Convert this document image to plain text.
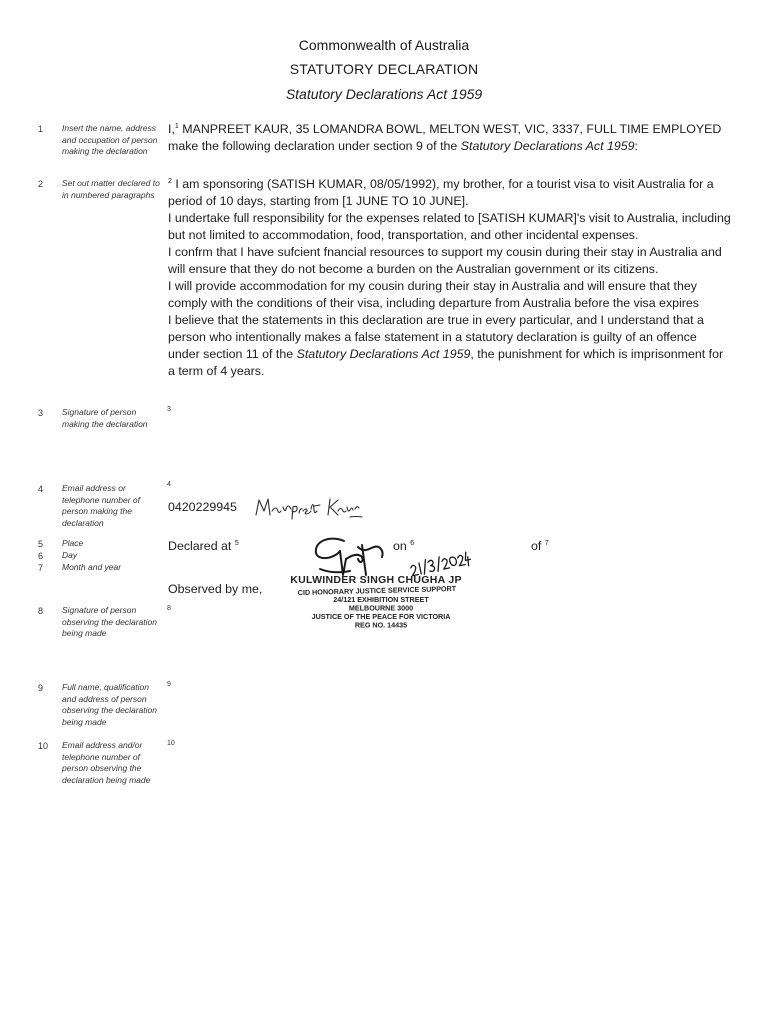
Commonwealth of Australia
STATUTORY DECLARATION
Statutory Declarations Act 1959
1 Insert the name, address and occupation of person making the declaration
2 Set out matter declared to in numbered paragraphs
3 Signature of person making the declaration
4 Email address or telephone number of person making the declaration
5 Place
6 Day
7 Month and year
8 Signature of person observing the declaration being made
9 Full name, qualification and address of person observing the declaration being made
10 Email address and/or telephone number of person observing the declaration being made

I,$^1$ MANPREET KAUR, 35 LOMANDRA BOWL, MELTON WEST, VIC, 3337, FULL TIME EMPLOYED

make the following declaration under section 9 of the Statutory Declarations Act 1959:

$^2$ I am sponsoring (SATISH KUMAR, 08/05/1992), my brother, for a tourist visa to visit Australia for a period of 10 days, starting from [1 JUNE TO 10 JUNE].

I undertake full responsibility for the expenses related to [SATISH KUMAR]'s visit to Australia, including but not limited to accommodation, food, transportation, and other incidental expenses.

I confrm that I have sufcient fnancial resources to support my cousin during their stay in Australia and will ensure that they do not become a burden on the Australian government or its citizens.

I will provide accommodation for my cousin during their stay in Australia and will ensure that they comply with the conditions of their visa, including departure from Australia before the visa expires

I believe that the statements in this declaration are true in every particular, and I understand that a person who intentionally makes a false statement in a statutory declaration is guilty of an offence under section 11 of the Statutory Declarations Act 1959, the punishment for which is imprisonment for a term of 4 years.

3
4
8
9
10
0420229945
Declared at $^5$	on $^6$	of $^7$
Observed by me,
KULWINDER SINGH CHUGHA JP
CID HONORARY JUSTICE SERVICE SUPPORT
24/121 EXHIBITION STREET
MELBOURNE 3000
JUSTICE OF THE PEACE FOR VICTORIA
REG NO. 14435
